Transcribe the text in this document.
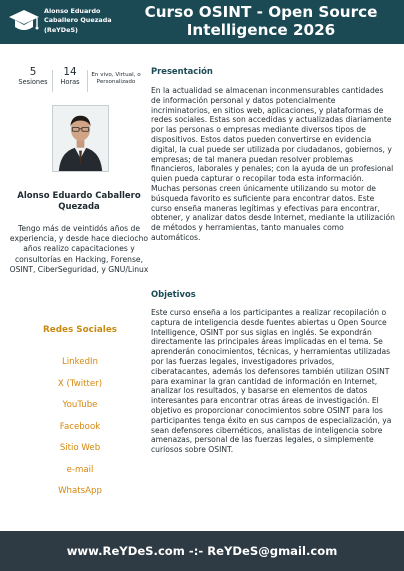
Alonso Eduardo
Caballero Quezada
(ReYDeS)
Curso OSINT - Open Source Intelligence 2026
5
Sesiones
14
Horas
En vivo, Virtual, o Personalizado
Alonso Eduardo Caballero Quezada
Tengo más de veintidós años de experiencia, y desde hace dieciocho años realizo capacitaciones y consultorías en Hacking, Forense, OSINT, CiberSeguridad, y GNU/Linux
Redes Sociales
LinkedIn
X (Twitter)
YouTube
Facebook
Sitio Web
e-mail
WhatsApp
Presentación

En la actualidad se almacenan inconmensurables cantidades de información personal y datos potencialmente incriminatorios, en sitios web, aplicaciones, y plataformas de redes sociales. Estas son accedidas y actualizadas diariamente por las personas o empresas mediante diversos tipos de dispositivos. Estos datos pueden convertirse en evidencia digital, la cual puede ser utilizada por ciudadanos, gobiernos, y empresas; de tal manera puedan resolver problemas financieros, laborales y penales; con la ayuda de un profesional quien pueda capturar o recopilar toda esta información. Muchas personas creen únicamente utilizando su motor de búsqueda favorito es suficiente para encontrar datos. Este curso enseña maneras legítimas y efectivas para encontrar, obtener, y analizar datos desde Internet, mediante la utilización de métodos y herramientas, tanto manuales como automáticos.

Objetivos

Este curso enseña a los participantes a realizar recopilación o captura de inteligencia desde fuentes abiertas u Open Source Intelligence, OSINT por sus siglas en inglés. Se expondrán directamente las principales áreas implicadas en el tema. Se aprenderán conocimientos, técnicas, y herramientas utilizadas por las fuerzas legales, investigadores privados, ciberatacantes, además los defensores también utilizan OSINT para examinar la gran cantidad de información en Internet, analizar los resultados, y basarse en elementos de datos interesantes para encontrar otras áreas de investigación. El objetivo es proporcionar conocimientos sobre OSINT para los participantes tenga éxito en sus campos de especialización, ya sean defensores cibernéticos, analistas de inteligencia sobre amenazas, personal de las fuerzas legales, o simplemente curiosos sobre OSINT.

www.ReYDeS.com -:- ReYDeS@gmail.com
